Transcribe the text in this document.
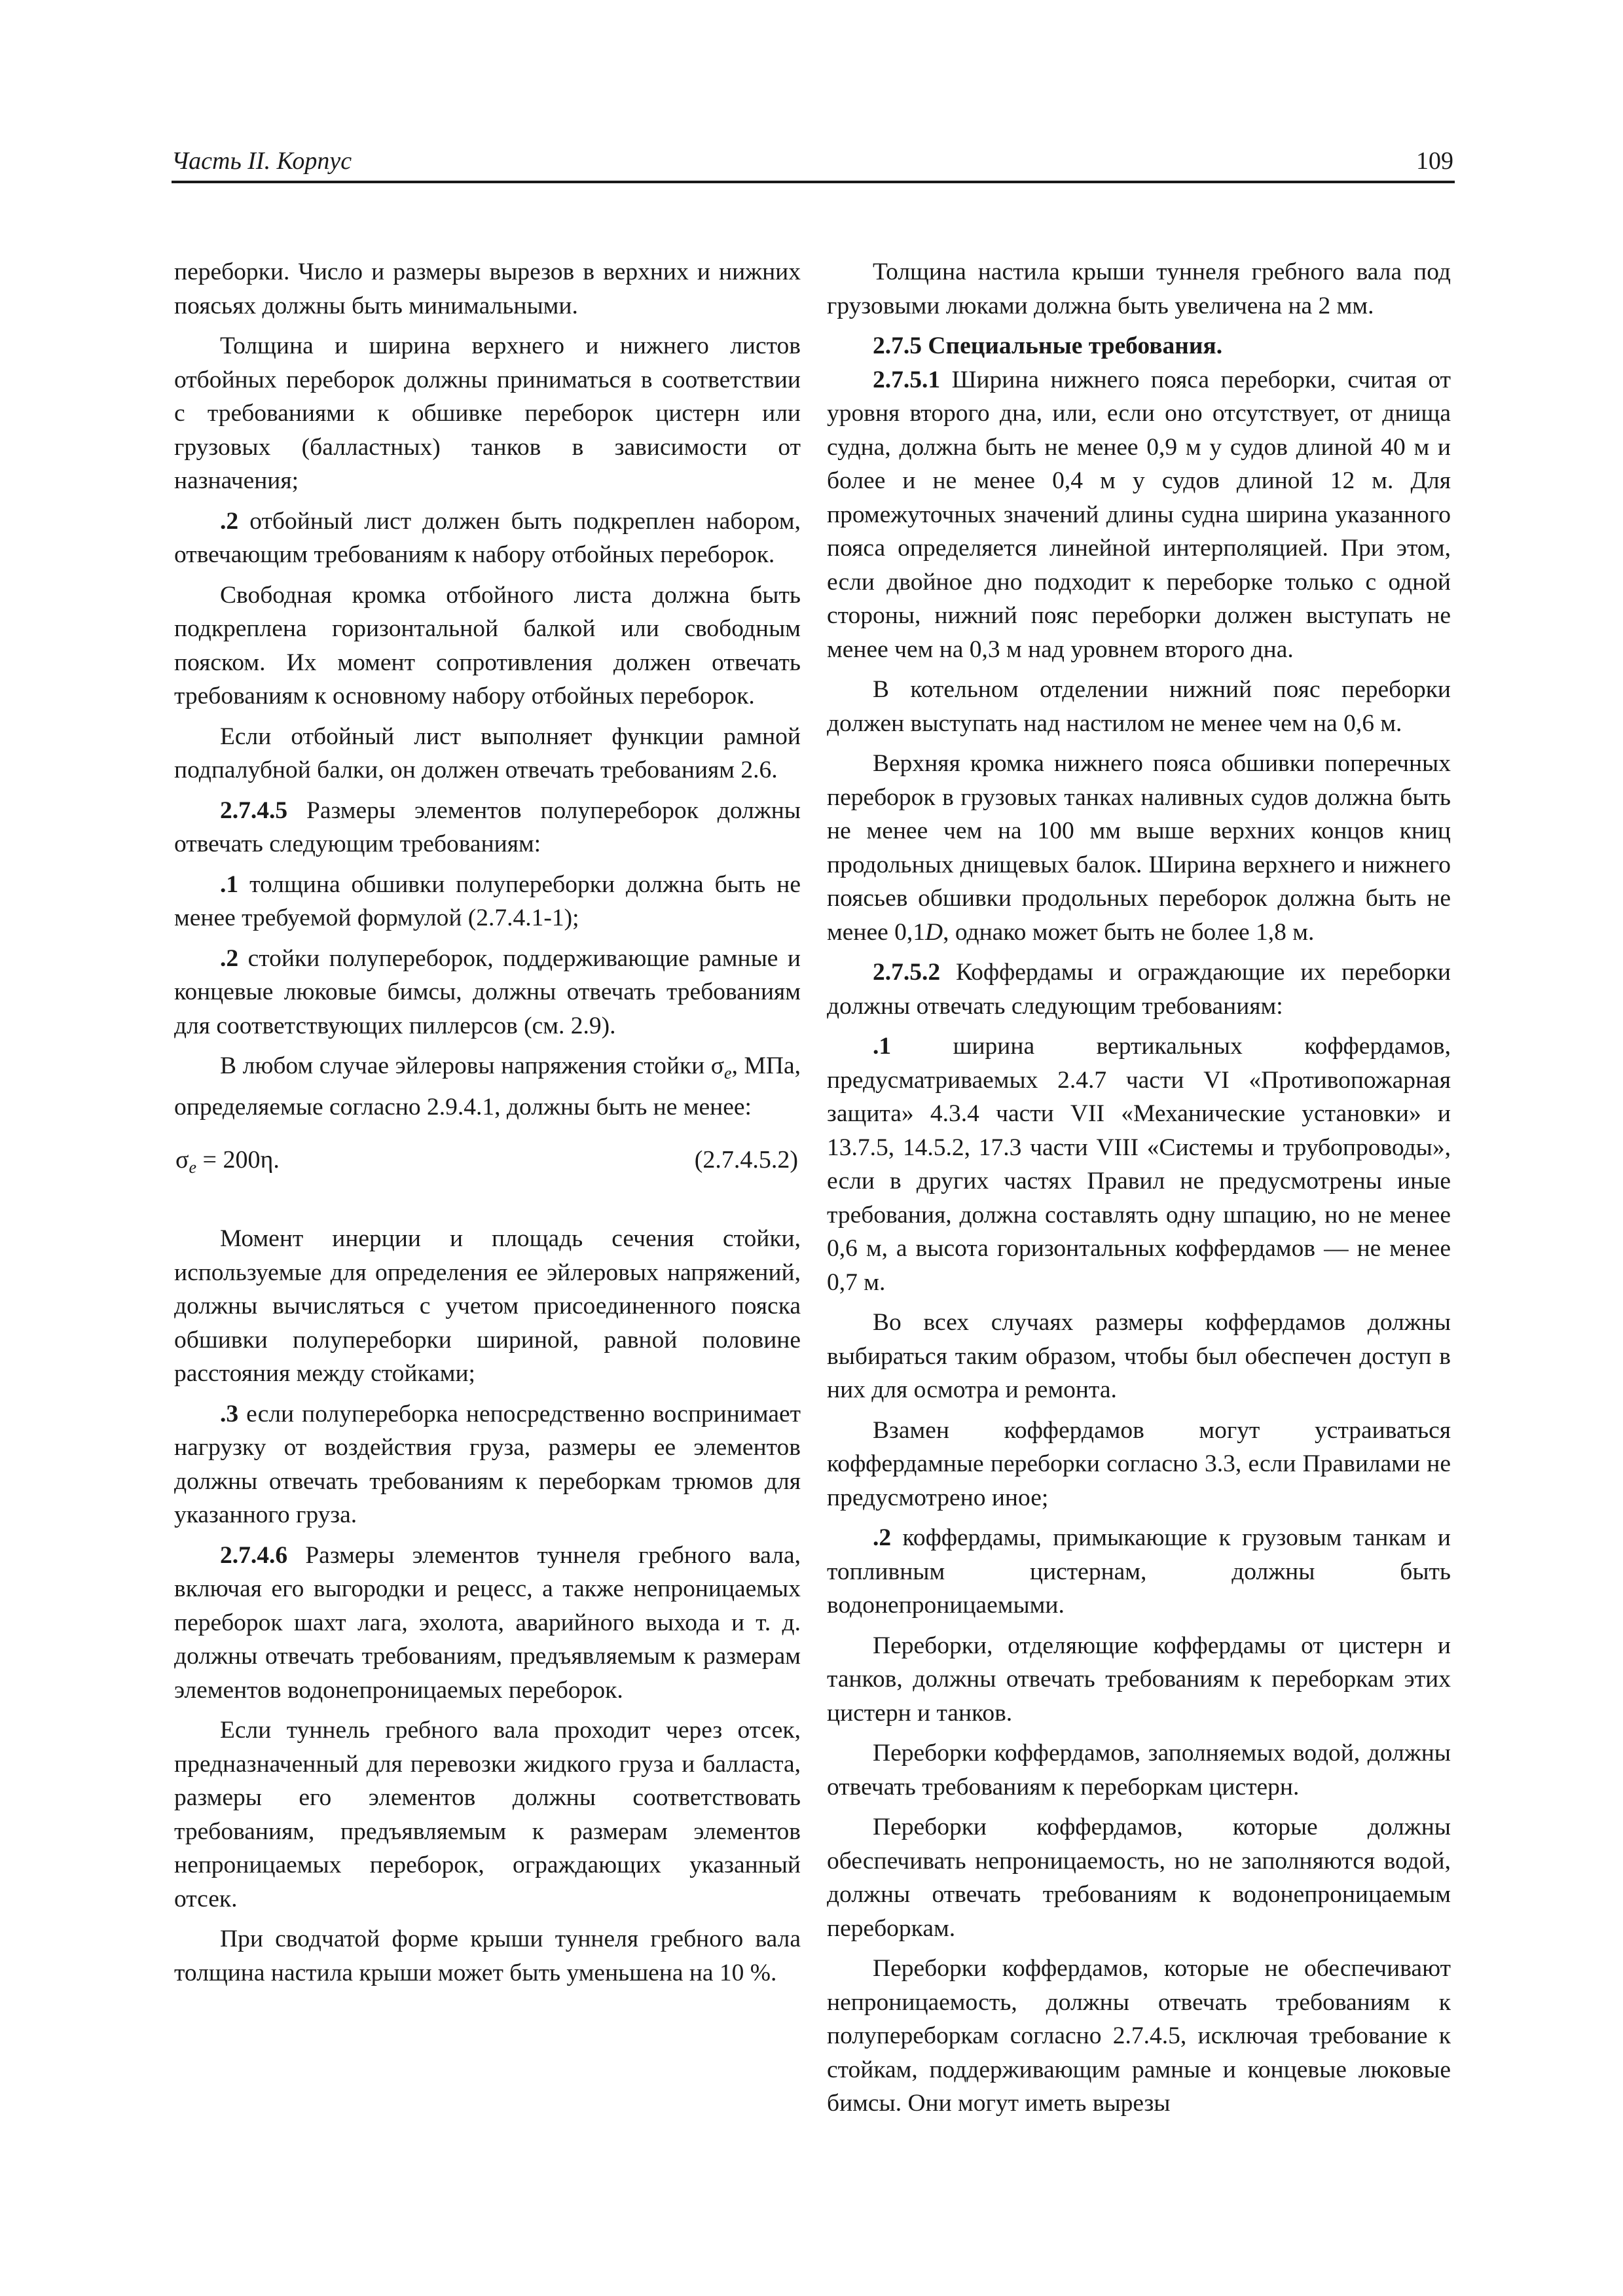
Часть II. Корпус	109

переборки. Число и размеры вырезов в верхних и нижних поясьях должны быть минимальными.

Толщина и ширина верхнего и нижнего листов отбойных переборок должны приниматься в соответствии с требованиями к обшивке переборок цистерн или грузовых (балластных) танков в зависимости от назначения;

.2 отбойный лист должен быть подкреплен набором, отвечающим требованиям к набору отбойных переборок.

Свободная кромка отбойного листа должна быть подкреплена горизонтальной балкой или свободным пояском. Их момент сопротивления должен отвечать требованиям к основному набору отбойных переборок.

Если отбойный лист выполняет функции рамной подпалубной балки, он должен отвечать требованиям 2.6.

2.7.4.5 Размеры элементов полупереборок должны отвечать следующим требованиям:

.1 толщина обшивки полупереборки должна быть не менее требуемой формулой (2.7.4.1-1);

.2 стойки полупереборок, поддерживающие рамные и концевые люковые бимсы, должны отвечать требованиям для соответствующих пиллерсов (см. 2.9).

В любом случае эйлеровы напряжения стойки $\sigma_e$, МПа, определяемые согласно 2.9.4.1, должны быть не менее:

$\sigma_e = 200\eta$.	(2.7.4.5.2)

Момент инерции и площадь сечения стойки, используемые для определения ее эйлеровых напряжений, должны вычисляться с учетом присоединенного пояска обшивки полупереборки шириной, равной половине расстояния между стойками;

.3 если полупереборка непосредственно воспринимает нагрузку от воздействия груза, размеры ее элементов должны отвечать требованиям к переборкам трюмов для указанного груза.

2.7.4.6 Размеры элементов туннеля гребного вала, включая его выгородки и рецесс, а также непроницаемых переборок шахт лага, эхолота, аварийного выхода и т. д. должны отвечать требованиям, предъявляемым к размерам элементов водонепроницаемых переборок.

Если туннель гребного вала проходит через отсек, предназначенный для перевозки жидкого груза и балласта, размеры его элементов должны соответствовать требованиям, предъявляемым к размерам элементов непроницаемых переборок, ограждающих указанный отсек.

При сводчатой форме крыши туннеля гребного вала толщина настила крыши может быть уменьшена на 10 %.

Толщина настила крыши туннеля гребного вала под грузовыми люками должна быть увеличена на 2 мм.

2.7.5 Специальные требования.

2.7.5.1 Ширина нижнего пояса переборки, считая от уровня второго дна, или, если оно отсутствует, от днища судна, должна быть не менее 0,9 м у судов длиной 40 м и более и не менее 0,4 м у судов длиной 12 м. Для промежуточных значений длины судна ширина указанного пояса определяется линейной интерполяцией. При этом, если двойное дно подходит к переборке только с одной стороны, нижний пояс переборки должен выступать не менее чем на 0,3 м над уровнем второго дна.

В котельном отделении нижний пояс переборки должен выступать над настилом не менее чем на 0,6 м.

Верхняя кромка нижнего пояса обшивки поперечных переборок в грузовых танках наливных судов должна быть не менее чем на 100 мм выше верхних концов книц продольных днищевых балок. Ширина верхнего и нижнего поясьев обшивки продольных переборок должна быть не менее 0,1D, однако может быть не более 1,8 м.

2.7.5.2 Коффердамы и ограждающие их переборки должны отвечать следующим требованиям:

.1 ширина вертикальных коффердамов, предусматриваемых 2.4.7 части VI «Противопожарная защита» 4.3.4 части VII «Механические установки» и 13.7.5, 14.5.2, 17.3 части VIII «Системы и трубопроводы», если в других частях Правил не предусмотрены иные требования, должна составлять одну шпацию, но не менее 0,6 м, а высота горизонтальных коффердамов — не менее 0,7 м.

Во всех случаях размеры коффердамов должны выбираться таким образом, чтобы был обеспечен доступ в них для осмотра и ремонта.

Взамен коффердамов могут устраиваться коффердамные переборки согласно 3.3, если Правилами не предусмотрено иное;

.2 коффердамы, примыкающие к грузовым танкам и топливным цистернам, должны быть водонепроницаемыми.

Переборки, отделяющие коффердамы от цистерн и танков, должны отвечать требованиям к переборкам этих цистерн и танков.

Переборки коффердамов, заполняемых водой, должны отвечать требованиям к переборкам цистерн.

Переборки коффердамов, которые должны обеспечивать непроницаемость, но не заполняются водой, должны отвечать требованиям к водонепроницаемым переборкам.

Переборки коффердамов, которые не обеспечивают непроницаемость, должны отвечать требованиям к полупереборкам согласно 2.7.4.5, исключая требование к стойкам, поддерживающим рамные и концевые люковые бимсы. Они могут иметь вырезы
